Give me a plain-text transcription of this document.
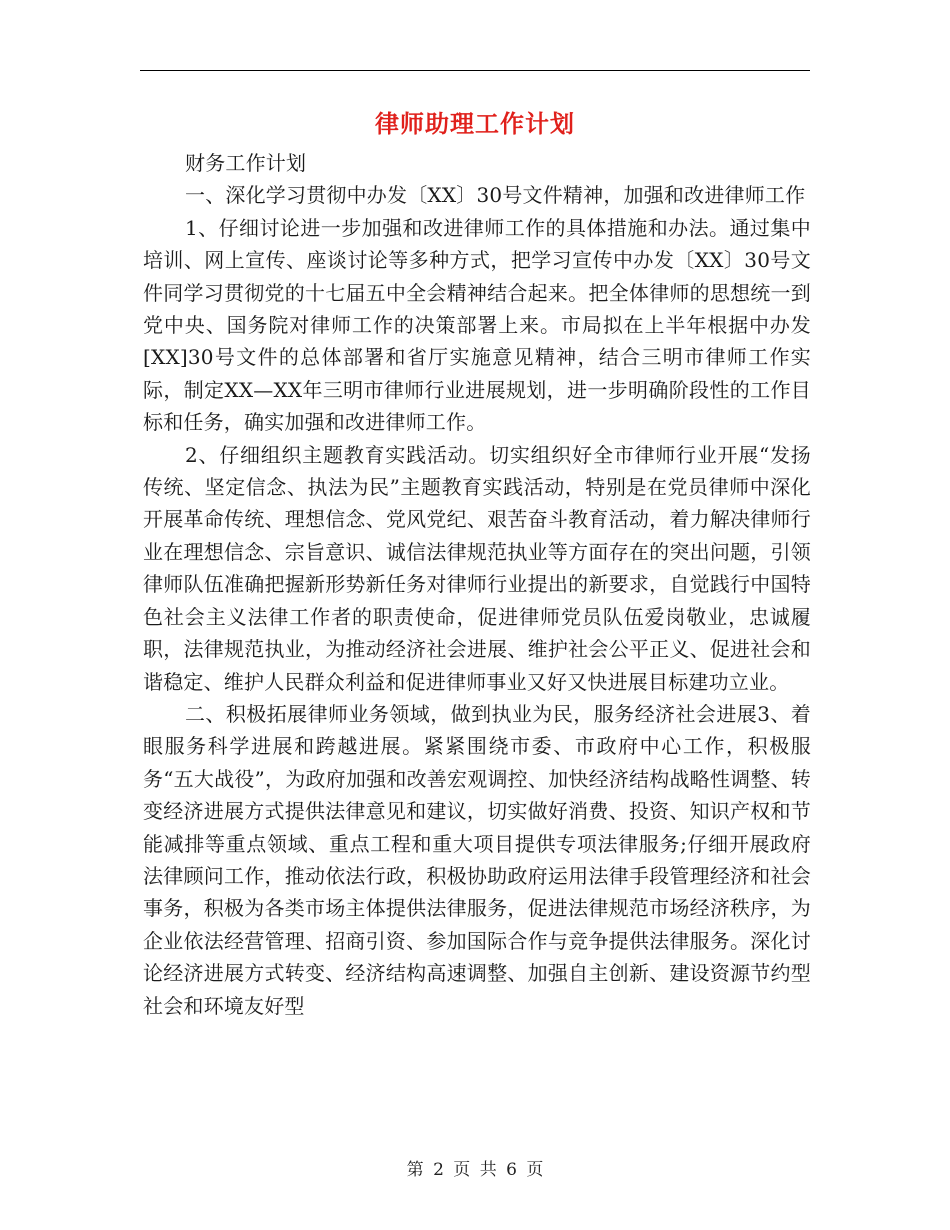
律师助理工作计划

财务工作计划

一、深化学习贯彻中办发〔XX〕30号文件精神，加强和改进律师工作

1、仔细讨论进一步加强和改进律师工作的具体措施和办法。通过集中培训、网上宣传、座谈讨论等多种方式，把学习宣传中办发〔XX〕30号文件同学习贯彻党的十七届五中全会精神结合起来。把全体律师的思想统一到党中央、国务院对律师工作的决策部署上来。市局拟在上半年根据中办发[XX]30号文件的总体部署和省厅实施意见精神，结合三明市律师工作实际，制定XX—XX年三明市律师行业进展规划，进一步明确阶段性的工作目标和任务，确实加强和改进律师工作。

2、仔细组织主题教育实践活动。切实组织好全市律师行业开展“发扬传统、坚定信念、执法为民”主题教育实践活动，特别是在党员律师中深化开展革命传统、理想信念、党风党纪、艰苦奋斗教育活动，着力解决律师行业在理想信念、宗旨意识、诚信法律规范执业等方面存在的突出问题，引领律师队伍准确把握新形势新任务对律师行业提出的新要求，自觉践行中国特色社会主义法律工作者的职责使命，促进律师党员队伍爱岗敬业，忠诚履职，法律规范执业，为推动经济社会进展、维护社会公平正义、促进社会和谐稳定、维护人民群众利益和促进律师事业又好又快进展目标建功立业。

二、积极拓展律师业务领域，做到执业为民，服务经济社会进展3、着眼服务科学进展和跨越进展。紧紧围绕市委、市政府中心工作，积极服务“五大战役”，为政府加强和改善宏观调控、加快经济结构战略性调整、转变经济进展方式提供法律意见和建议，切实做好消费、投资、知识产权和节能减排等重点领域、重点工程和重大项目提供专项法律服务;仔细开展政府法律顾问工作，推动依法行政，积极协助政府运用法律手段管理经济和社会事务，积极为各类市场主体提供法律服务，促进法律规范市场经济秩序，为企业依法经营管理、招商引资、参加国际合作与竞争提供法律服务。深化讨论经济进展方式转变、经济结构高速调整、加强自主创新、建设资源节约型社会和环境友好型

第 2 页 共 6 页
